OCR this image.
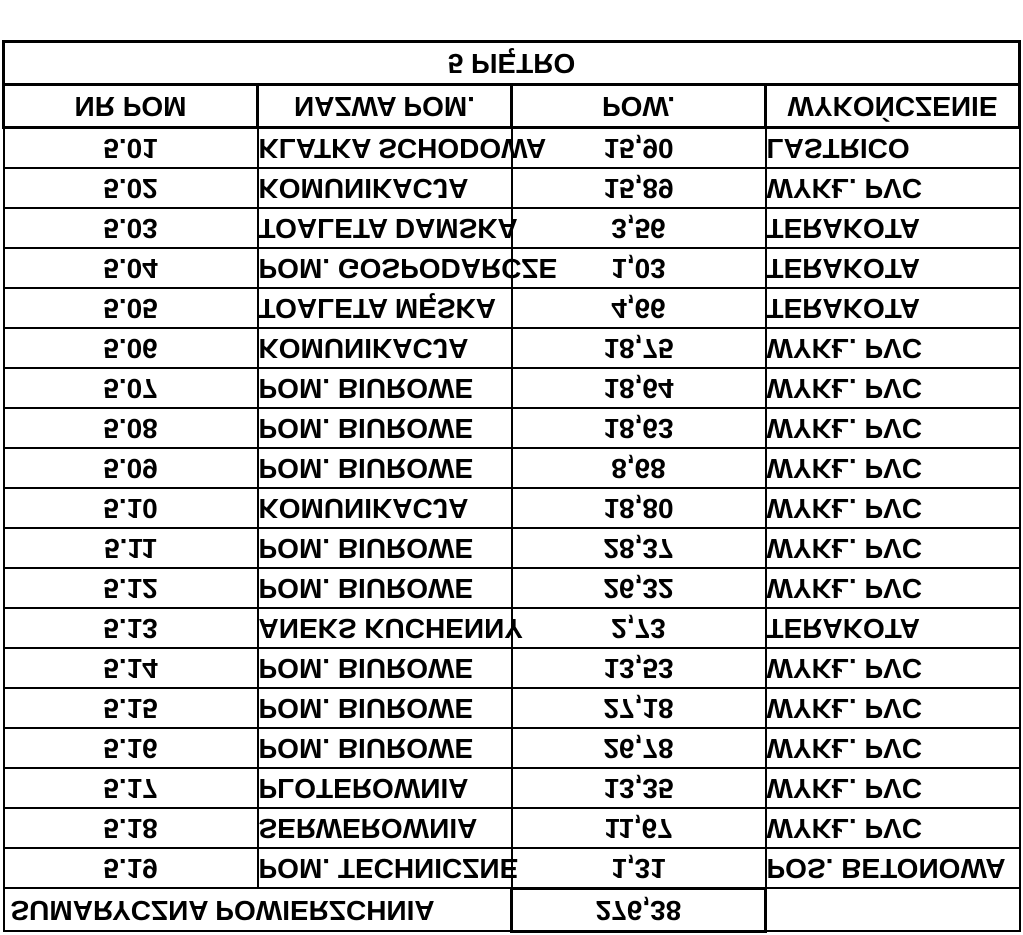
SUMARYCZNA POWIERZCHNIA		276,38	
5.19	POM. TECHNICZNE	1,31	POS. BETONOWA
5.18	SERWEROWNIA	11,67	WYKŁ. PVC
5.17	PLOTEROWNIA	13,35	WYKŁ. PVC
5.16	POM. BIUROWE	26,78	WYKŁ. PVC
5.15	POM. BIUROWE	27,18	WYKŁ. PVC
5.14	POM. BIUROWE	13,53	WYKŁ. PVC
5.13	ANEKS KUCHENNY	2,73	TERAKOTA
5.12	POM. BIUROWE	26,32	WYKŁ. PVC
5.11	POM. BIUROWE	28,37	WYKŁ. PVC
5.10	KOMUNIKACJA	18,80	WYKŁ. PVC
5.09	POM. BIUROWE	8,68	WYKŁ. PVC
5.08	POM. BIUROWE	18,63	WYKŁ. PVC
5.07	POM. BIUROWE	18,64	WYKŁ. PVC
5.06	KOMUNIKACJA	18,75	WYKŁ. PVC
5.05	TOALETA MĘSKA	4,66	TERAKOTA
5.04	POM. GOSPODARCZE	1,03	TERAKOTA
5.03	TOALETA DAMSKA	3,56	TERAKOTA
5.02	KOMUNIKACJA	15,89	WYKŁ. PVC
5.01	KLATKA SCHODOWA	15,90	LASTRICO
NR POM	NAZWA POM.	POW.	WYKOŃCZENIE
5 PIĘTRO			
